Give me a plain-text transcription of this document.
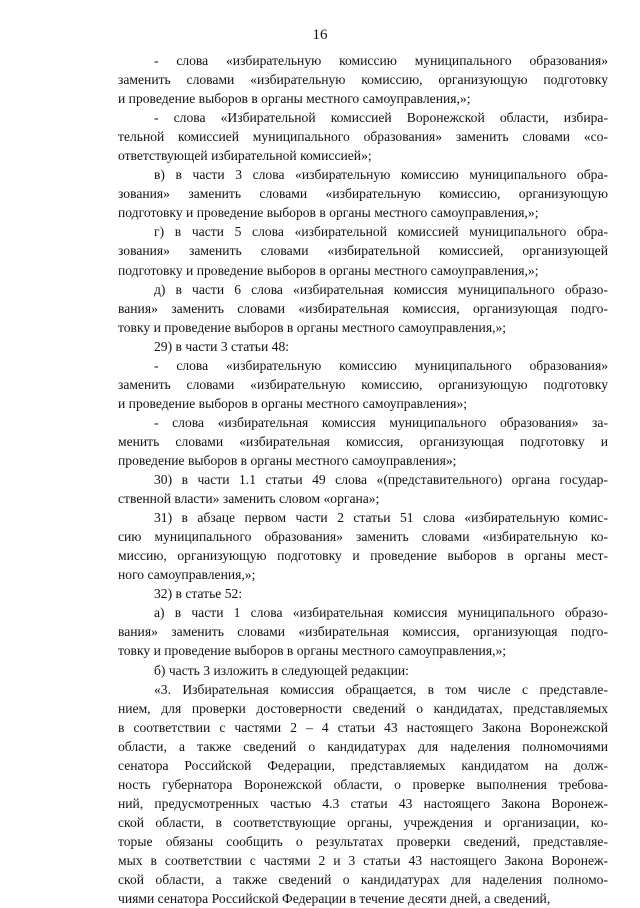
16
- слова «избирательную комиссию муниципального образования»
заменить словами «избирательную комиссию, организующую подготовку
и проведение выборов в органы местного самоуправления,»;
- слова «Избирательной комиссией Воронежской области, избира-
тельной комиссией муниципального образования» заменить словами «со-
ответствующей избирательной комиссией»;
в) в части 3 слова «избирательную комиссию муниципального обра-
зования» заменить словами «избирательную комиссию, организующую
подготовку и проведение выборов в органы местного самоуправления,»;
г) в части 5 слова «избирательной комиссией муниципального обра-
зования» заменить словами «избирательной комиссией, организующей
подготовку и проведение выборов в органы местного самоуправления,»;
д) в части 6 слова «избирательная комиссия муниципального образо-
вания» заменить словами «избирательная комиссия, организующая подго-
товку и проведение выборов в органы местного самоуправления,»;
29) в части 3 статьи 48:
- слова «избирательную комиссию муниципального образования»
заменить словами «избирательную комиссию, организующую подготовку
и проведение выборов в органы местного самоуправления»;
- слова «избирательная комиссия муниципального образования» за-
менить словами «избирательная комиссия, организующая подготовку и
проведение выборов в органы местного самоуправления»;
30) в части 1.1 статьи 49 слова «(представительного) органа государ-
ственной власти» заменить словом «органа»;
31) в абзаце первом части 2 статьи 51 слова «избирательную комис-
сию муниципального образования» заменить словами «избирательную ко-
миссию, организующую подготовку и проведение выборов в органы мест-
ного самоуправления,»;
32) в статье 52:
а) в части 1 слова «избирательная комиссия муниципального образо-
вания» заменить словами «избирательная комиссия, организующая подго-
товку и проведение выборов в органы местного самоуправления,»;
б) часть 3 изложить в следующей редакции:
«3. Избирательная комиссия обращается, в том числе с представле-
нием, для проверки достоверности сведений о кандидатах, представляемых
в соответствии с частями 2 – 4 статьи 43 настоящего Закона Воронежской
области, а также сведений о кандидатурах для наделения полномочиями
сенатора Российской Федерации, представляемых кандидатом на долж-
ность губернатора Воронежской области, о проверке выполнения требова-
ний, предусмотренных частью 4.3 статьи 43 настоящего Закона Воронеж-
ской области, в соответствующие органы, учреждения и организации, ко-
торые обязаны сообщить о результатах проверки сведений, представляе-
мых в соответствии с частями 2 и 3 статьи 43 настоящего Закона Воронеж-
ской области, а также сведений о кандидатурах для наделения полномо-
чиями сенатора Российской Федерации в течение десяти дней, а сведений,
